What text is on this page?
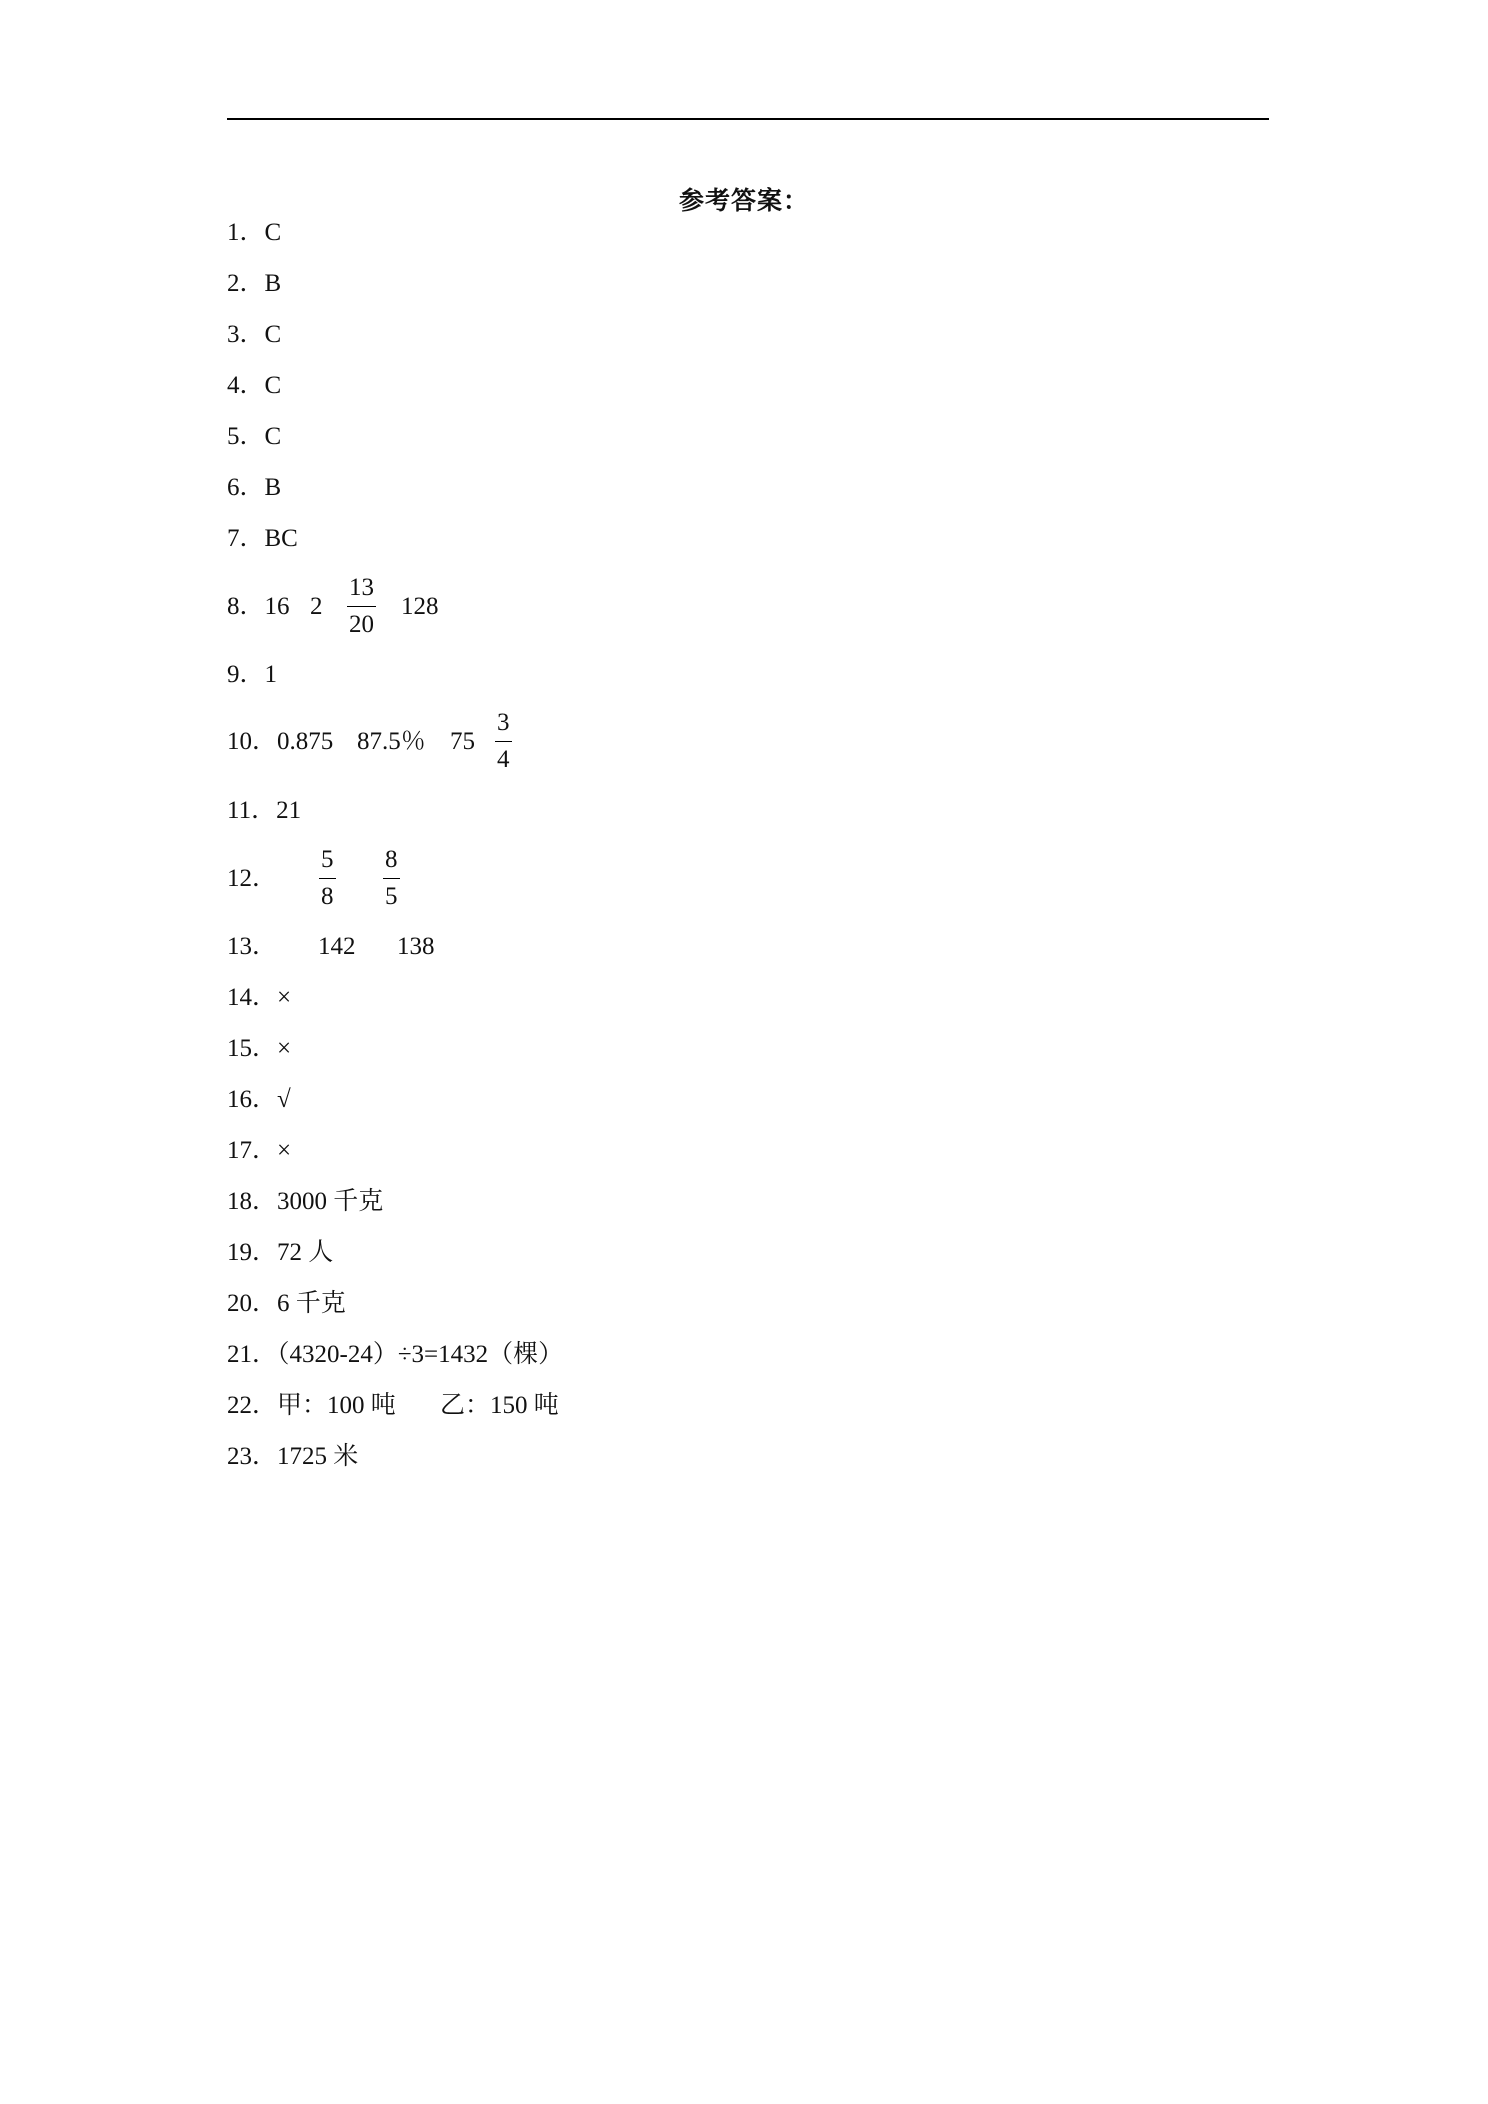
参考答案：
1．C
2．B
3．C
4．C
5．C
6．B
7．BC
8．16 2
13
20
128
9．1
10．0.875 87.5％ 75
3
4
11．21
12．
5
8
8
5
13． 142 138
14．×
15．×
16．√
17．×
18．3000 千克
19．72 人
20．6 千克
21．（4320-24）÷3=1432（棵）
22．甲：100 吨 乙：150 吨
23．1725 米
